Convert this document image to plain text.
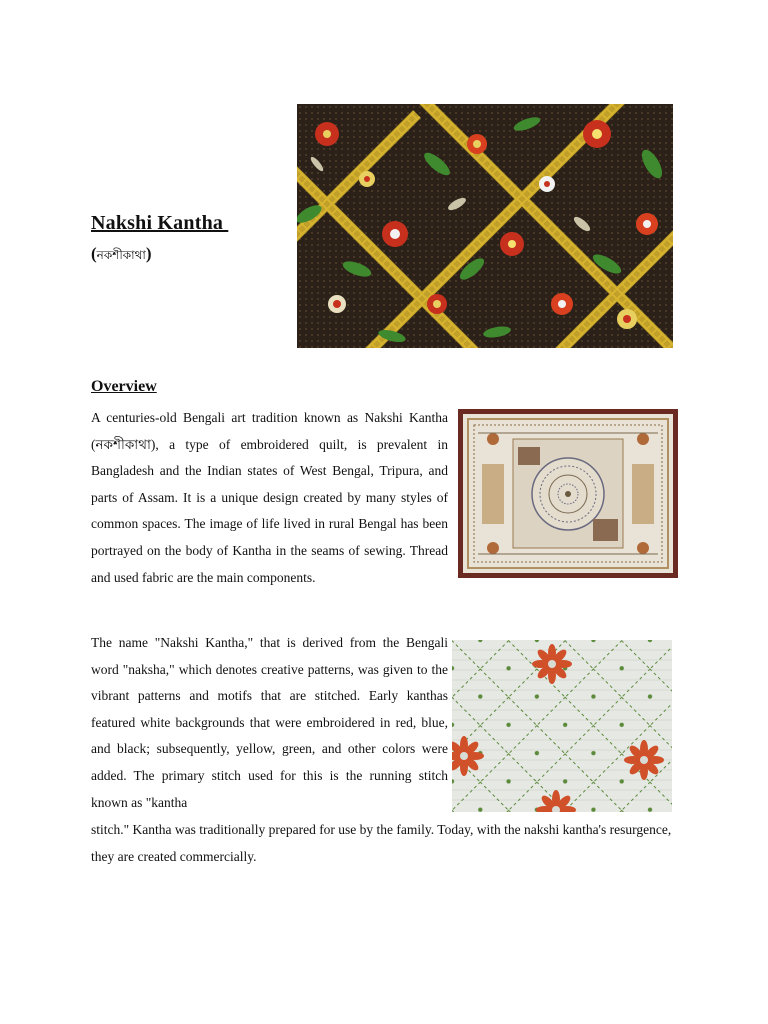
Nakshi Kantha
(নকশীকাথা)
Overview
A centuries-old Bengali art tradition known as Nakshi Kantha (নকশীকাথা), a type of embroidered quilt, is prevalent in Bangladesh and the Indian states of West Bengal, Tripura, and parts of Assam. It is a unique design created by many styles of common spaces. The image of life lived in rural Bengal has been portrayed on the body of Kantha in the seams of sewing. Thread and used fabric are the main components.
The name "Nakshi Kantha," that is derived from the Bengali word "naksha," which denotes creative patterns, was given to the vibrant patterns and motifs that are stitched. Early kanthas featured white backgrounds that were embroidered in red, blue, and black; subsequently, yellow, green, and other colors were added. The primary stitch used for this is the running stitch known as "kantha
stitch." Kantha was traditionally prepared for use by the family. Today, with the nakshi kantha's resurgence, they are created commercially.
